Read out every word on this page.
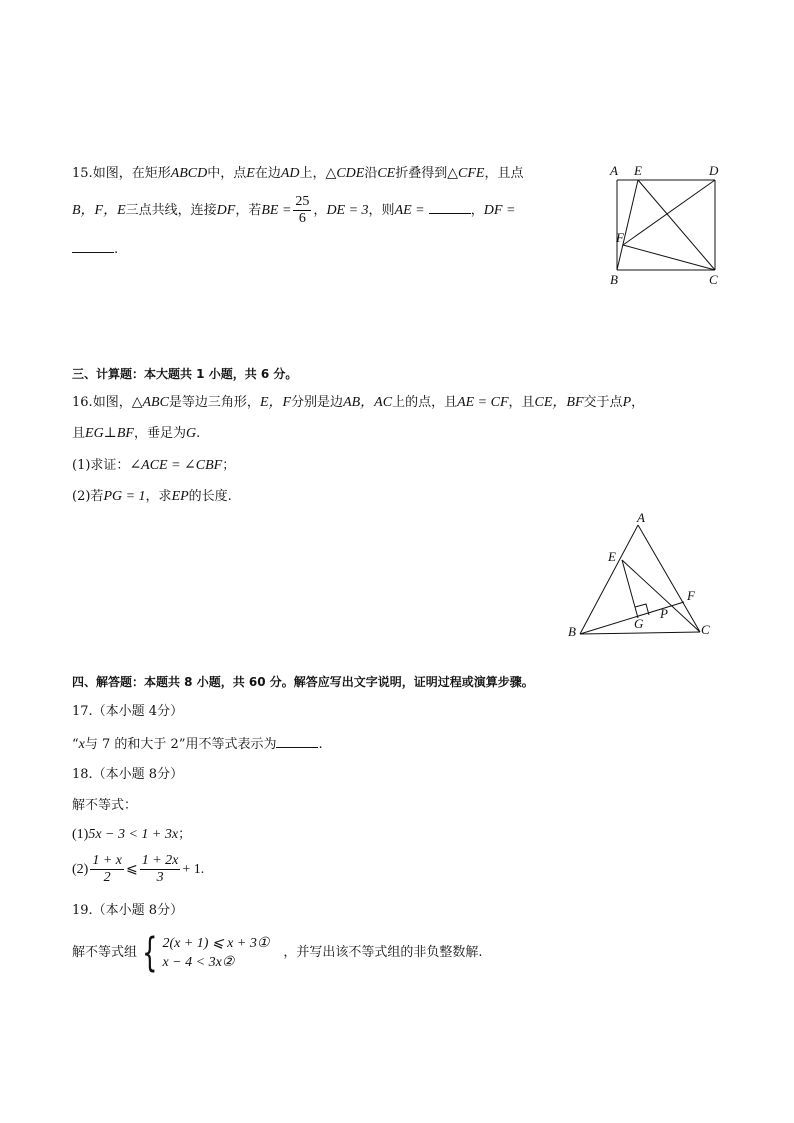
15.如图，在矩形ABCD中，点E在边AD上，△CDE沿CE折叠得到△CFE，且点
B，F，E三点共线，连接DF，若BE = $\frac{25}{6}$ ，DE = 3，则AE =	，DF =
.
A E	D
F
B	C
三、计算题：本大题共 1 小题，共 6 分。
16.如图，△ABC是等边三角形，E，F分别是边AB，AC上的点，且AE = CF，且CE，BF交于点P，
且EG⊥BF，垂足为G.
(1)求证：∠ACE = ∠CBF；
(2)若PG = 1，求EP的长度.
A
E
F
G
P
B	C
四、解答题：本题共 8 小题，共 60 分。解答应写出文字说明，证明过程或演算步骤。
17.（本小题 4分）
“x与 7 的和大于 2”用不等式表示为	.
18.（本小题 8分）
解不等式：
(1)5x − 3 < 1 + 3x；
$(2) \frac{1 + x}{2}$ ⩽ $\frac{1 + 2x}{3} + 1$.
19.（本小题 8分）
解不等式组 { 2(x + 1) ⩽ x + 3①
x − 4 < 3x②
，并写出该不等式组的非负整数解.
